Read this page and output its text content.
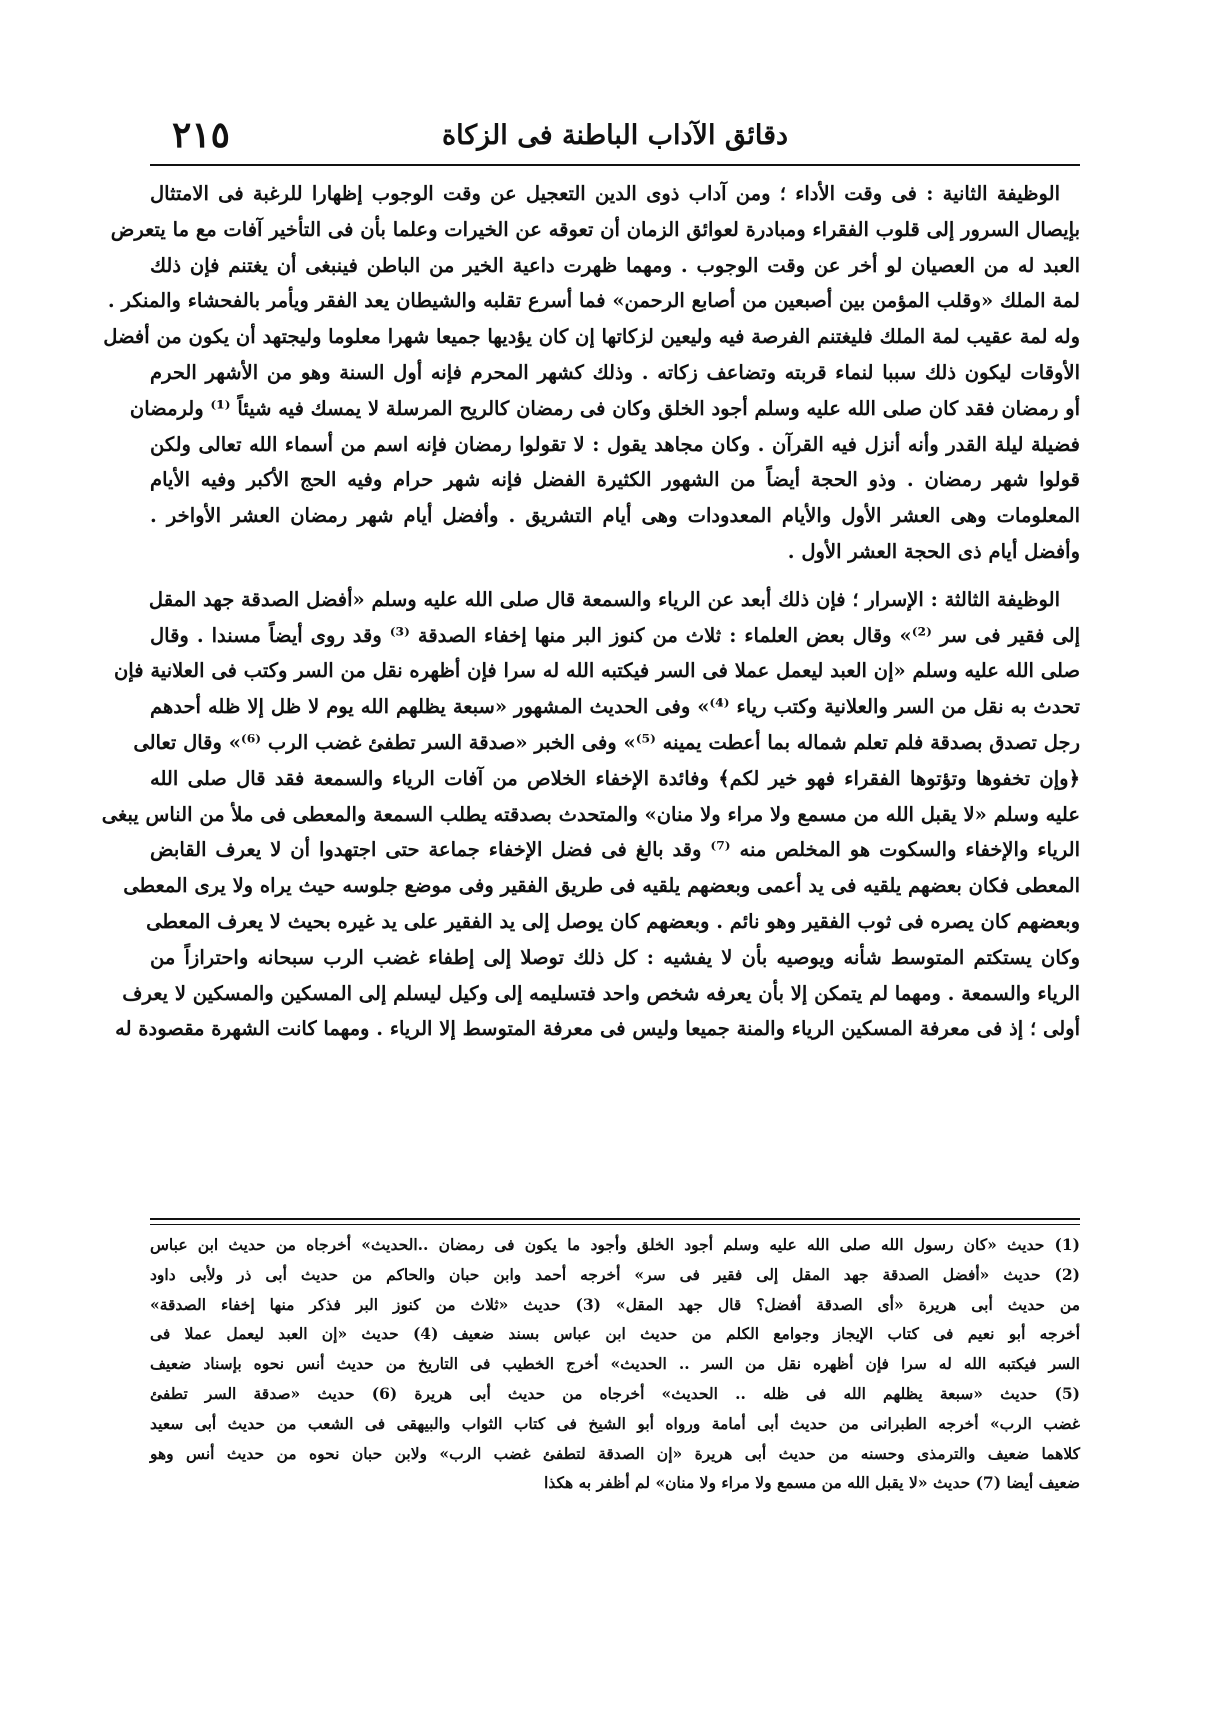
دقائق الآداب الباطنة فى الزكاة
٢١٥
الوظيفة الثانية : فى وقت الأداء ؛ ومن آداب ذوى الدين التعجيل عن وقت الوجوب إظهارا للرغبة فى الامتثال
بإيصال السرور إلى قلوب الفقراء ومبادرة لعوائق الزمان أن تعوقه عن الخيرات وعلما بأن فى التأخير آفات مع ما يتعرض
العبد له من العصيان لو أخر عن وقت الوجوب . ومهما ظهرت داعية الخير من الباطن فينبغى أن يغتنم فإن ذلك
لمة الملك «وقلب المؤمن بين أصبعين من أصابع الرحمن» فما أسرع تقلبه والشيطان يعد الفقر ويأمر بالفحشاء والمنكر .
وله لمة عقيب لمة الملك فليغتنم الفرصة فيه وليعين لزكاتها إن كان يؤديها جميعا شهرا معلوما وليجتهد أن يكون من أفضل
الأوقات ليكون ذلك سببا لنماء قربته وتضاعف زكاته . وذلك كشهر المحرم فإنه أول السنة وهو من الأشهر الحرم
أو رمضان فقد كان صلى الله عليه وسلم أجود الخلق وكان فى رمضان كالريح المرسلة لا يمسك فيه شيئاً ⁽¹⁾ ولرمضان
فضيلة ليلة القدر وأنه أنزل فيه القرآن . وكان مجاهد يقول : لا تقولوا رمضان فإنه اسم من أسماء الله تعالى ولكن
قولوا شهر رمضان . وذو الحجة أيضاً من الشهور الكثيرة الفضل فإنه شهر حرام وفيه الحج الأكبر وفيه الأيام
المعلومات وهى العشر الأول والأيام المعدودات وهى أيام التشريق . وأفضل أيام شهر رمضان العشر الأواخر .
وأفضل أيام ذى الحجة العشر الأول .
الوظيفة الثالثة : الإسرار ؛ فإن ذلك أبعد عن الرياء والسمعة قال صلى الله عليه وسلم «أفضل الصدقة جهد المقل
إلى فقير فى سر ⁽²⁾» وقال بعض العلماء : ثلاث من كنوز البر منها إخفاء الصدقة ⁽³⁾ وقد روى أيضاً مسندا . وقال
صلى الله عليه وسلم «إن العبد ليعمل عملا فى السر فيكتبه الله له سرا فإن أظهره نقل من السر وكتب فى العلانية فإن
تحدث به نقل من السر والعلانية وكتب رياء ⁽⁴⁾» وفى الحديث المشهور «سبعة يظلهم الله يوم لا ظل إلا ظله أحدهم
رجل تصدق بصدقة فلم تعلم شماله بما أعطت يمينه ⁽⁵⁾» وفى الخبر «صدقة السر تطفئ غضب الرب ⁽⁶⁾» وقال تعالى
﴿وإن تخفوها وتؤتوها الفقراء فهو خير لكم﴾ وفائدة الإخفاء الخلاص من آفات الرياء والسمعة فقد قال صلى الله
عليه وسلم «لا يقبل الله من مسمع ولا مراء ولا منان» والمتحدث بصدقته يطلب السمعة والمعطى فى ملأ من الناس يبغى
الرياء والإخفاء والسكوت هو المخلص منه ⁽⁷⁾ وقد بالغ فى فضل الإخفاء جماعة حتى اجتهدوا أن لا يعرف القابض
المعطى فكان بعضهم يلقيه فى يد أعمى وبعضهم يلقيه فى طريق الفقير وفى موضع جلوسه حيث يراه ولا يرى المعطى
وبعضهم كان يصره فى ثوب الفقير وهو نائم . وبعضهم كان يوصل إلى يد الفقير على يد غيره بحيث لا يعرف المعطى
وكان يستكتم المتوسط شأنه ويوصيه بأن لا يفشيه : كل ذلك توصلا إلى إطفاء غضب الرب سبحانه واحترازاً من
الرياء والسمعة . ومهما لم يتمكن إلا بأن يعرفه شخص واحد فتسليمه إلى وكيل ليسلم إلى المسكين والمسكين لا يعرف
أولى ؛ إذ فى معرفة المسكين الرياء والمنة جميعا وليس فى معرفة المتوسط إلا الرياء . ومهما كانت الشهرة مقصودة له
(1) حديث «كان رسول الله صلى الله عليه وسلم أجود الخلق وأجود ما يكون فى رمضان ..الحديث» أخرجاه من حديث ابن عباس
(2) حديث «أفضل الصدقة جهد المقل إلى فقير فى سر» أخرجه أحمد وابن حبان والحاكم من حديث أبى ذر ولأبى داود
من حديث أبى هريرة «أى الصدقة أفضل؟ قال جهد المقل» (3) حديث «ثلاث من كنوز البر فذكر منها إخفاء الصدقة»
أخرجه أبو نعيم فى كتاب الإيجاز وجوامع الكلم من حديث ابن عباس بسند ضعيف (4) حديث «إن العبد ليعمل عملا فى
السر فيكتبه الله له سرا فإن أظهره نقل من السر .. الحديث» أخرج الخطيب فى التاريخ من حديث أنس نحوه بإسناد ضعيف
(5) حديث «سبعة يظلهم الله فى ظله .. الحديث» أخرجاه من حديث أبى هريرة (6) حديث «صدقة السر تطفئ
غضب الرب» أخرجه الطبرانى من حديث أبى أمامة ورواه أبو الشيخ فى كتاب الثواب والبيهقى فى الشعب من حديث أبى سعيد
كلاهما ضعيف والترمذى وحسنه من حديث أبى هريرة «إن الصدقة لتطفئ غضب الرب» ولابن حبان نحوه من حديث أنس وهو
ضعيف أيضا (7) حديث «لا يقبل الله من مسمع ولا مراء ولا منان» لم أظفر به هكذا
